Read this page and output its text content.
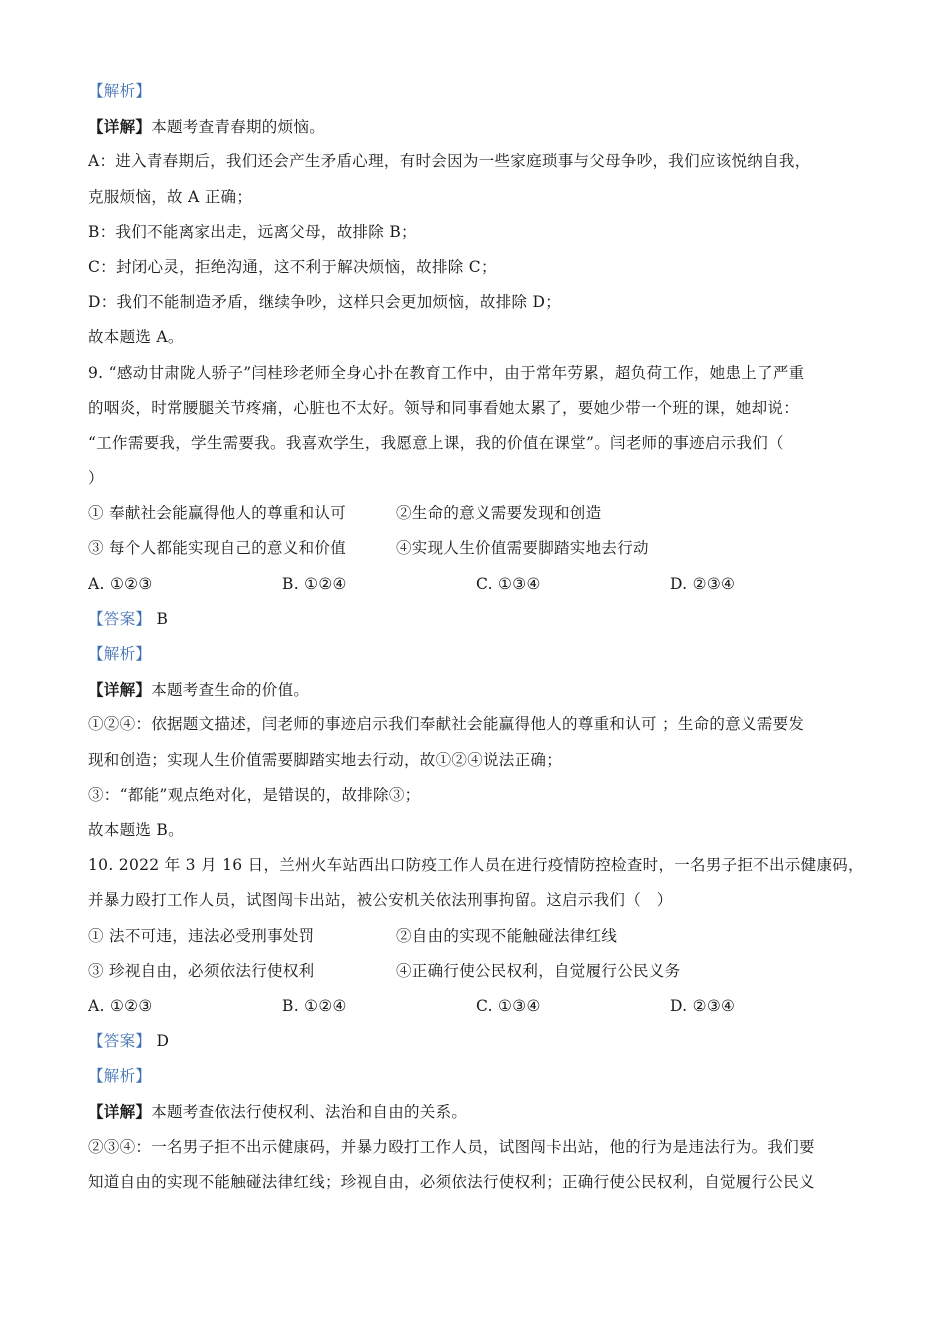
【解析】
【详解】本题考查青春期的烦恼。
A：进入青春期后，我们还会产生矛盾心理，有时会因为一些家庭琐事与父母争吵，我们应该悦纳自我，
克服烦恼，故 A 正确；
B：我们不能离家出走，远离父母，故排除 B；
C：封闭心灵，拒绝沟通，这不利于解决烦恼，故排除 C；
D：我们不能制造矛盾，继续争吵，这样只会更加烦恼，故排除 D；
故本题选 A。
9. “感动甘肃陇人骄子”闫桂珍老师全身心扑在教育工作中，由于常年劳累，超负荷工作，她患上了严重
的咽炎，时常腰腿关节疼痛，心脏也不太好。领导和同事看她太累了，要她少带一个班的课，她却说：
“工作需要我，学生需要我。我喜欢学生，我愿意上课，我的价值在课堂”。闫老师的事迹启示我们（
）
① 奉献社会能赢得他人的尊重和认可	②生命的意义需要发现和创造
③ 每个人都能实现自己的意义和价值	④实现人生价值需要脚踏实地去行动
A. ①②③	B. ①②④	C. ①③④	D. ②③④
【答案】 B
【解析】
【详解】本题考查生命的价值。
①②④：依据题文描述，闫老师的事迹启示我们奉献社会能赢得他人的尊重和认可 ；生命的意义需要发
现和创造；实现人生价值需要脚踏实地去行动，故①②④说法正确；
③：“都能”观点绝对化，是错误的，故排除③；
故本题选 B。
10. 2022 年 3 月 16 日，兰州火车站西出口防疫工作人员在进行疫情防控检查时，一名男子拒不出示健康码，
并暴力殴打工作人员，试图闯卡出站，被公安机关依法刑事拘留。这启示我们（　）
① 法不可违，违法必受刑事处罚	②自由的实现不能触碰法律红线
③ 珍视自由，必须依法行使权利	④正确行使公民权利，自觉履行公民义务
A. ①②③	B. ①②④	C. ①③④	D. ②③④
【答案】 D
【解析】
【详解】本题考查依法行使权利、法治和自由的关系。
②③④：一名男子拒不出示健康码，并暴力殴打工作人员，试图闯卡出站，他的行为是违法行为。我们要
知道自由的实现不能触碰法律红线；珍视自由，必须依法行使权利；正确行使公民权利，自觉履行公民义
